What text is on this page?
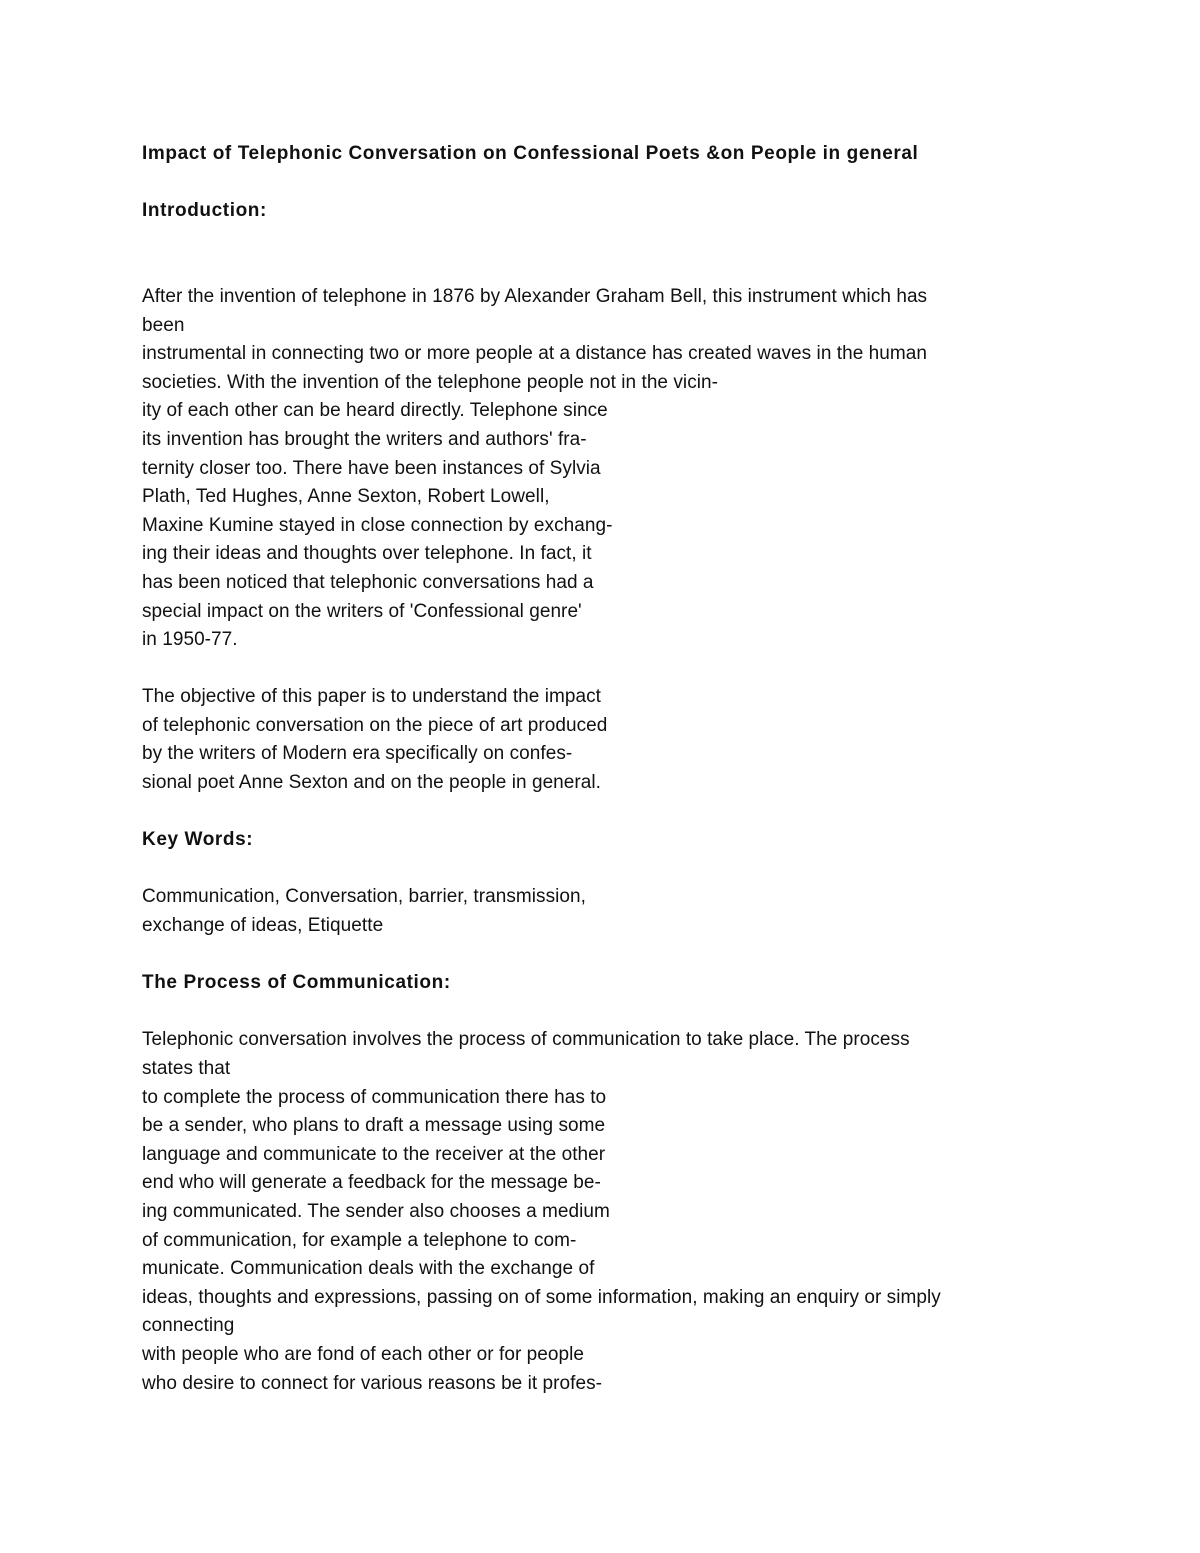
Impact of Telephonic Conversation on Confessional Poets &on People in general
Introduction:
After the invention of telephone in 1876 by Alexander Graham Bell, this instrument which has
been
instrumental in connecting two or more people at a distance has created waves in the human
societies. With the invention of the telephone people not in the vicin-
ity of each other can be heard directly. Telephone since
its invention has brought the writers and authors' fra-
ternity closer too. There have been instances of Sylvia
Plath, Ted Hughes, Anne Sexton, Robert Lowell,
Maxine Kumine stayed in close connection by exchang-
ing their ideas and thoughts over telephone. In fact, it
has been noticed that telephonic conversations had a
special impact on the writers of 'Confessional genre'
in 1950-77.
The objective of this paper is to understand the impact
of telephonic conversation on the piece of art produced
by the writers of Modern era specifically on confes-
sional poet Anne Sexton and on the people in general.
Key Words:
Communication, Conversation, barrier, transmission,
exchange of ideas, Etiquette
The Process of Communication:
Telephonic conversation involves the process of communication to take place. The process
states that
to complete the process of communication there has to
be a sender, who plans to draft a message using some
language and communicate to the receiver at the other
end who will generate a feedback for the message be-
ing communicated. The sender also chooses a medium
of communication, for example a telephone to com-
municate. Communication deals with the exchange of
ideas, thoughts and expressions, passing on of some information, making an enquiry or simply
connecting
with people who are fond of each other or for people
who desire to connect for various reasons be it profes-
